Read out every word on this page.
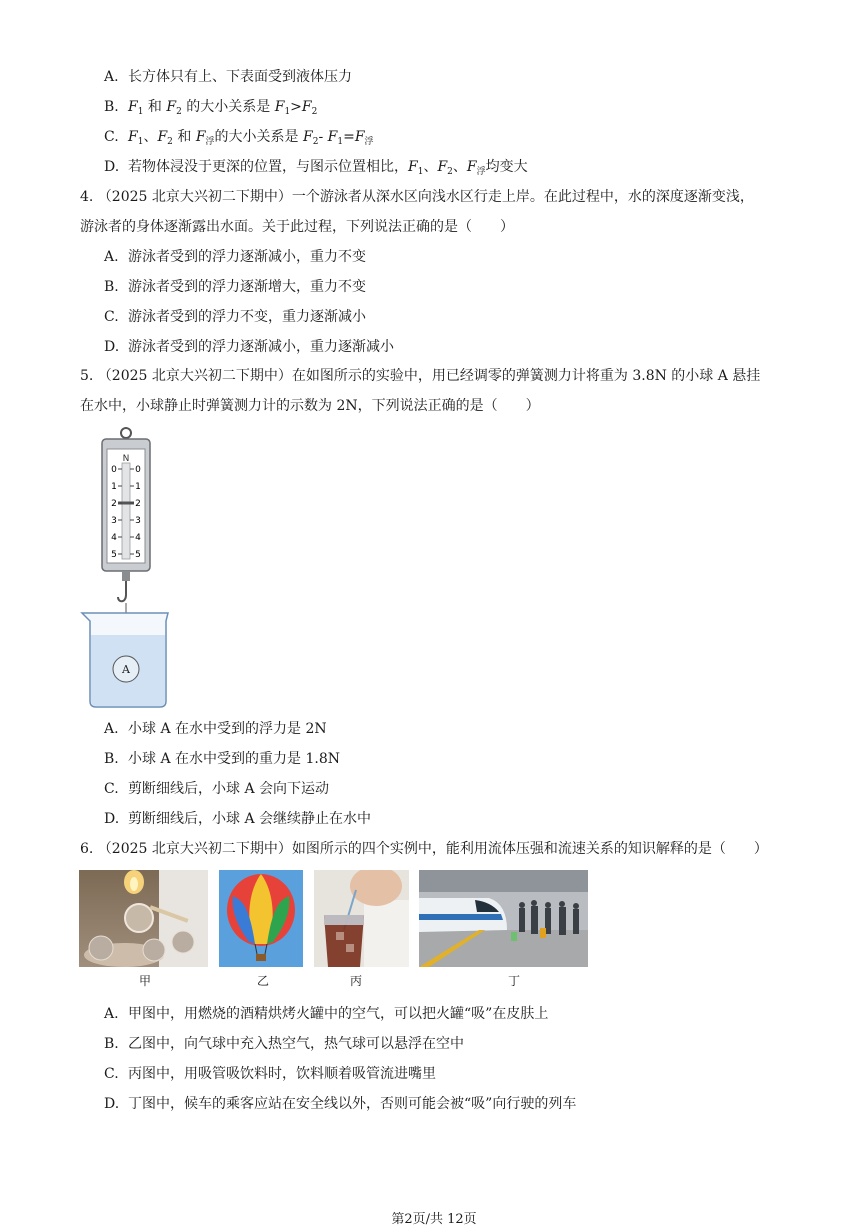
A. 长方体只有上、下表面受到液体压力
B. $F_1$ 和 $F_2$ 的大小关系是 $F_1>F_2$
C. $F_1$、$F_2$ 和 $F_浮$的大小关系是 $F_2-$ $F_1=F_浮$
D. 若物体浸没于更深的位置，与图示位置相比，$F_1$、$F_2$、$F_浮$均变大
4. （2025 北京大兴初二下期中）一个游泳者从深水区向浅水区行走上岸。在此过程中，水的深度逐渐变浅，
游泳者的身体逐渐露出水面。关于此过程，下列说法正确的是（　　）
A. 游泳者受到的浮力逐渐减小，重力不变
B. 游泳者受到的浮力逐渐增大，重力不变
C. 游泳者受到的浮力不变，重力逐渐减小
D. 游泳者受到的浮力逐渐减小，重力逐渐减小
5. （2025 北京大兴初二下期中）在如图所示的实验中，用已经调零的弹簧测力计将重为 3.8N 的小球 A 悬挂
在水中，小球静止时弹簧测力计的示数为 2N，下列说法正确的是（　　）
N
0 0
1 1
2 2
3 3
4 4
5 5
A
A. 小球 A 在水中受到的浮力是 2N
B. 小球 A 在水中受到的重力是 1.8N
C. 剪断细线后，小球 A 会向下运动
D. 剪断细线后，小球 A 会继续静止在水中
6. （2025 北京大兴初二下期中）如图所示的四个实例中，能利用流体压强和流速关系的知识解释的是（　　）
甲	乙	丙	丁
A. 甲图中，用燃烧的酒精烘烤火罐中的空气，可以把火罐“吸”在皮肤上
B. 乙图中，向气球中充入热空气，热气球可以悬浮在空中
C. 丙图中，用吸管吸饮料时，饮料顺着吸管流进嘴里
D. 丁图中，候车的乘客应站在安全线以外，否则可能会被“吸”向行驶的列车
第2页/共 12页
